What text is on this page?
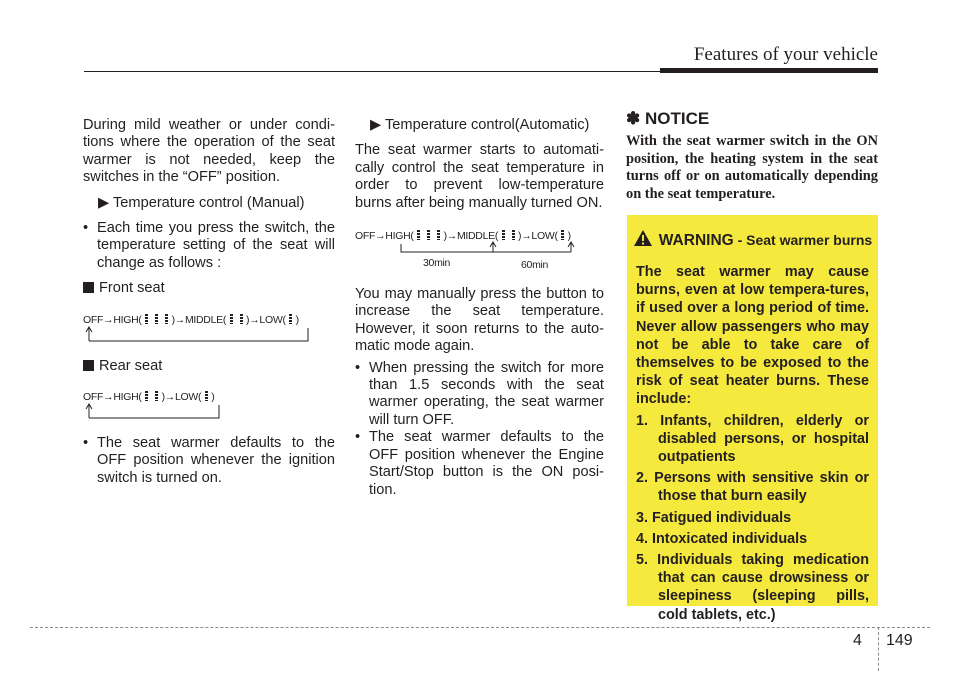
Features of your vehicle

During mild weather or under condi-tions where the operation of the seat warmer is not needed, keep the switches in the “OFF” position.

▶ Temperature control (Manual)

• Each time you press the switch, the temperature setting of the seat will change as follows :

Front seat

OFF→HIGH(	)→MIDDLE( )→LOW( )

Rear seat

OFF→HIGH( )→LOW( )

• The seat warmer defaults to the OFF position whenever the ignition switch is turned on.

▶ Temperature control(Automatic)

The seat warmer starts to automati-cally control the seat temperature in order to prevent low-temperature burns after being manually turned ON.

OFF→HIGH(	)→MIDDLE( )→LOW( )
30min	60min

You may manually press the button to increase the seat temperature. However, it soon returns to the auto-matic mode again.

• When pressing the switch for more than 1.5 seconds with the seat warmer operating, the seat warmer will turn OFF.

• The seat warmer defaults to the OFF position whenever the Engine Start/Stop button is the ON posi-tion.

✽ NOTICE

With the seat warmer switch in the ON position, the heating system in the seat turns off or on automatically depending on the seat temperature.

WARNING - Seat warmer burns

The seat warmer may cause burns, even at low tempera-tures, if used over a long period of time. Never allow passengers who may not be able to take care of themselves to be exposed to the risk of seat heater burns. These include:

1. Infants, children, elderly or disabled persons, or hospital outpatients

2. Persons with sensitive skin or those that burn easily

3. Fatigued individuals

4. Intoxicated individuals

5. Individuals taking medication that can cause drowsiness or sleepiness (sleeping pills, cold tablets, etc.)

4 149
